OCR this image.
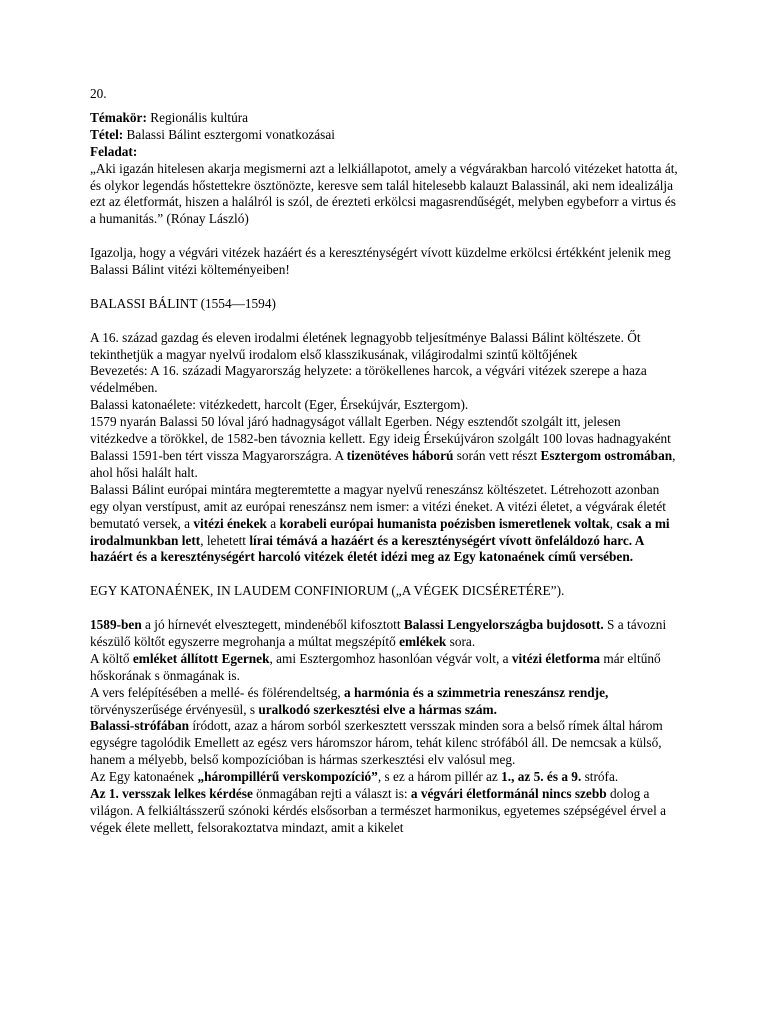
20.

Témakör: Regionális kultúra

Tétel: Balassi Bálint esztergomi vonatkozásai

Feladat:

„Aki igazán hitelesen akarja megismerni azt a lelkiállapotot, amely a végvárakban harcoló vitézeket hatotta át, és olykor legendás hőstettekre ösztönözte, keresve sem talál hitelesebb kalauzt Balassinál, aki nem idealizálja ezt az életformát, hiszen a halálról is szól, de érezteti erkölcsi magasrendűségét, melyben egybeforr a virtus és a humanitás.” (Rónay László)

Igazolja, hogy a végvári vitézek hazáért és a kereszténységért vívott küzdelme erkölcsi értékként jelenik meg Balassi Bálint vitézi költeményeiben!

BALASSI BÁLINT (1554—1594)

A 16. század gazdag és eleven irodalmi életének legnagyobb teljesítménye Balassi Bálint költészete. Őt tekinthetjük a magyar nyelvű irodalom első klasszikusának, világirodalmi szintű költőjének

Bevezetés: A 16. századi Magyarország helyzete: a törökellenes harcok, a végvári vitézek szerepe a haza védelmében.

Balassi katonaélete: vitézkedett, harcolt (Eger, Érsekújvár, Esztergom).

1579 nyarán Balassi 50 lóval járó hadnagyságot vállalt Egerben. Négy esztendőt szolgált itt, jelesen vitézkedve a törökkel, de 1582-ben távoznia kellett. Egy ideig Érsekújváron szolgált 100 lovas hadnagyaként

Balassi 1591-ben tért vissza Magyarországra. A tizenötéves háború során vett részt Esztergom ostromában, ahol hősi halált halt.

Balassi Bálint európai mintára megteremtette a magyar nyelvű reneszánsz költészetet. Létrehozott azonban egy olyan verstípust, amit az európai reneszánsz nem ismer: a vitézi éneket. A vitézi életet, a végvárak életét bemutató versek, a vitézi énekek a korabeli európai humanista poézisben ismeretlenek voltak, csak a mi irodalmunkban lett, lehetett lírai témává a hazáért és a kereszténységért vívott önfeláldozó harc. A hazáért és a kereszténységért harcoló vitézek életét idézi meg az Egy katonaének című versében.

EGY KATONAÉNEK, IN LAUDEM CONFINIORUM („A VÉGEK DICSÉRETÉRE”).

1589-ben a jó hírnevét elvesztegett, mindenéből kifosztott Balassi Lengyelországba bujdosott. S a távozni készülő költőt egyszerre megrohanja a múltat megszépítő emlékek sora.

A költő emléket állított Egernek, ami Esztergomhoz hasonlóan végvár volt, a vitézi életforma már eltűnő hőskorának s önmagának is.

A vers felépítésében a mellé- és fölérendeltség, a harmónia és a szimmetria reneszánsz rendje, törvényszerűsége érvényesül, s uralkodó szerkesztési elve a hármas szám.

Balassi-strófában íródott, azaz a három sorból szerkesztett versszak minden sora a belső rímek által három egységre tagolódik Emellett az egész vers háromszor három, tehát kilenc strófából áll. De nemcsak a külső, hanem a mélyebb, belső kompozícióban is hármas szerkesztési elv valósul meg.

Az Egy katonaének „hárompillérű verskompozíció”, s ez a három pillér az 1., az 5. és a 9. strófa.

Az 1. versszak lelkes kérdése önmagában rejti a választ is: a végvári életformánál nincs szebb dolog a világon. A felkiáltásszerű szónoki kérdés elsősorban a természet harmonikus, egyetemes szépségével érvel a végek élete mellett, felsorakoztatva mindazt, amit a kikelet
